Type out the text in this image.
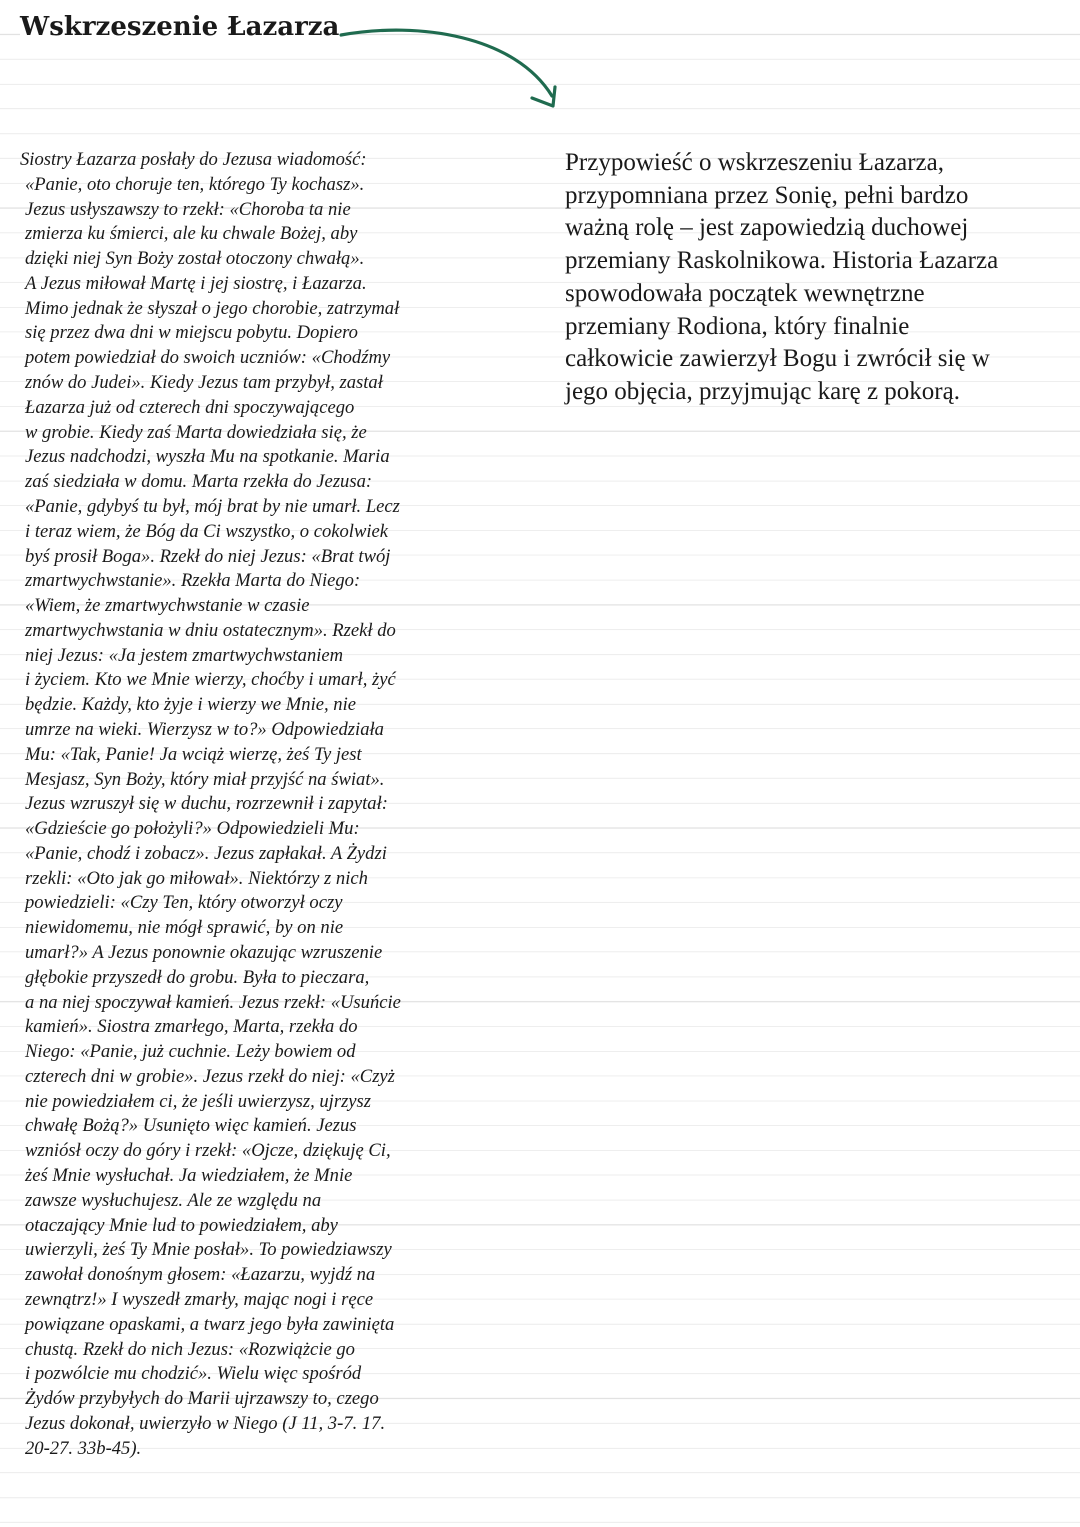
Wskrzeszenie Łazarza
Siostry Łazarza posłały do Jezusa wiadomość:
«Panie, oto choruje ten, którego Ty kochasz».
Jezus usłyszawszy to rzekł: «Choroba ta nie
zmierza ku śmierci, ale ku chwale Bożej, aby
dzięki niej Syn Boży został otoczony chwałą».
A Jezus miłował Martę i jej siostrę, i Łazarza.
Mimo jednak że słyszał o jego chorobie, zatrzymał
się przez dwa dni w miejscu pobytu. Dopiero
potem powiedział do swoich uczniów: «Chodźmy
znów do Judei». Kiedy Jezus tam przybył, zastał
Łazarza już od czterech dni spoczywającego
w grobie. Kiedy zaś Marta dowiedziała się, że
Jezus nadchodzi, wyszła Mu na spotkanie. Maria
zaś siedziała w domu. Marta rzekła do Jezusa:
«Panie, gdybyś tu był, mój brat by nie umarł. Lecz
i teraz wiem, że Bóg da Ci wszystko, o cokolwiek
byś prosił Boga». Rzekł do niej Jezus: «Brat twój
zmartwychwstanie». Rzekła Marta do Niego:
«Wiem, że zmartwychwstanie w czasie
zmartwychwstania w dniu ostatecznym». Rzekł do
niej Jezus: «Ja jestem zmartwychwstaniem
i życiem. Kto we Mnie wierzy, choćby i umarł, żyć
będzie. Każdy, kto żyje i wierzy we Mnie, nie
umrze na wieki. Wierzysz w to?» Odpowiedziała
Mu: «Tak, Panie! Ja wciąż wierzę, żeś Ty jest
Mesjasz, Syn Boży, który miał przyjść na świat».
Jezus wzruszył się w duchu, rozrzewnił i zapytał:
«Gdzieście go położyli?» Odpowiedzieli Mu:
«Panie, chodź i zobacz». Jezus zapłakał. A Żydzi
rzekli: «Oto jak go miłował». Niektórzy z nich
powiedzieli: «Czy Ten, który otworzył oczy
niewidomemu, nie mógł sprawić, by on nie
umarł?» A Jezus ponownie okazując wzruszenie
głębokie przyszedł do grobu. Była to pieczara,
a na niej spoczywał kamień. Jezus rzekł: «Usuńcie
kamień». Siostra zmarłego, Marta, rzekła do
Niego: «Panie, już cuchnie. Leży bowiem od
czterech dni w grobie». Jezus rzekł do niej: «Czyż
nie powiedziałem ci, że jeśli uwierzysz, ujrzysz
chwałę Bożą?» Usunięto więc kamień. Jezus
wzniósł oczy do góry i rzekł: «Ojcze, dziękuję Ci,
żeś Mnie wysłuchał. Ja wiedziałem, że Mnie
zawsze wysłuchujesz. Ale ze względu na
otaczający Mnie lud to powiedziałem, aby
uwierzyli, żeś Ty Mnie posłał». To powiedziawszy
zawołał donośnym głosem: «Łazarzu, wyjdź na
zewnątrz!» I wyszedł zmarły, mając nogi i ręce
powiązane opaskami, a twarz jego była zawinięta
chustą. Rzekł do nich Jezus: «Rozwiążcie go
i pozwólcie mu chodzić». Wielu więc spośród
Żydów przybyłych do Marii ujrzawszy to, czego
Jezus dokonał, uwierzyło w Niego (J 11, 3-7. 17.
20-27. 33b-45).
Przypowieść o wskrzeszeniu Łazarza,
przypomniana przez Sonię, pełni bardzo
ważną rolę – jest zapowiedzią duchowej
przemiany Raskolnikowa. Historia Łazarza
spowodowała początek wewnętrzne
przemiany Rodiona, który finalnie
całkowicie zawierzył Bogu i zwrócił się w
jego objęcia, przyjmując karę z pokorą.
